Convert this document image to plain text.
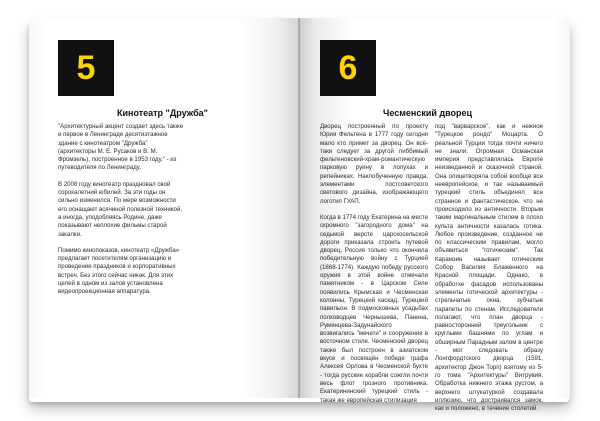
5
Кинотеатр "Дружба"

"Архитектурный акцент создает здесь также и первое в Ленинграде десятиэтажное здание с кинотеатром "Дружба" (архитекторы М. Е. Русаков и В. М. Фромзель), построенное в 1953 году." - из путеводителя по Ленинграду.

В 2008 году кинотеатр праздновал свой сорокалетний юбилей. За эти годы он сильно изменился. По мере возможности его оснащают всячиной полезной техникой, а иногда, уподобляясь Родине, даже показывают неплохие фильмы старой закалки.

Помимо кинопоказов, кинотеатр «Дружба» предлагает посетителям организацию и проведение праздников и корпоративных встреч. Без этого сейчас никак. Для этих целей в одном из залов установлена видеопроекционная аппаратура.

6
Чесменский дворец

Дворец построенный по проекту Юрия Фельтена в 1777 году сегодня мало кто примет за дворец. Он всё-таки следует за другой либбимый фельтеновский-храм-романтическую парковую руину в лопухах и репейниках. Наклобученную правда, элементами постсоветского светового дизайна, изображающего логотип ГУАП.

Когда в 1774 году Екатерина на месте скромного "загородного дома" на седьмой версте царскосельской дороги приказала строить путевой дворец, Россия только что окончила победительную войну с Турцией (1868-1774). Каждую победу русского оружия в этой войне отмечали памятником - в Царском Селе появились Крымская и Чесменская колонны, Турецкий каскад, Турецкий павильон. В подмосковных усадьбах полководцев Чернышева, Панина, Румянцева-Задунайского возвигались "мечети" и сооружения в восточном стиле. Чесменский дворец также был построен в азиатском вкусе и посвящён победе графа Алексея Орлова в Чесменской бухте - тогда русские корабли сожгли почти весь флот грозного противника. Екатерининский турецкий стиль - такая же европейская стилизация

под "варварское", как и нежное "Турецкое рондо" Моцарта. О реальной Турции тогда почти ничего не знали. Огромная Османская империя представлялась Европе неизведанной и сказочной страной. Она олицетворяла собой вообще все неевропейское, и так называемый турецкий стиль объединял все странное и фантастическое, что не происходило из античности. Вторым таким маргинальным стилем в плохо культа античности казалась готика. Любое произведение, созданное не по классическим правилам, могло объявиться "готическим". Так Карамзин называет готическим Собор Василия Блаженного на Красной площади. Однако, в обработке фасадов использованы элементы готической архитектуры - стрельчатые окна, зубчатые парапеты по стенам. Исследователи полагают, что план дворца - равносторонний треугольник с круглыми башнями по углам и обширным Парадным залом в центре - мог следовать образу Лонгфордтского дворца (1591, архитектор Джон Торп) взятому из 5-го тома "Архитектуры" Витрувия. Обработка нижнего этажа рустом, а верхнего штукатуркой создавала иллюзию, что достраивался замок, как и положено, в течение столетий.
